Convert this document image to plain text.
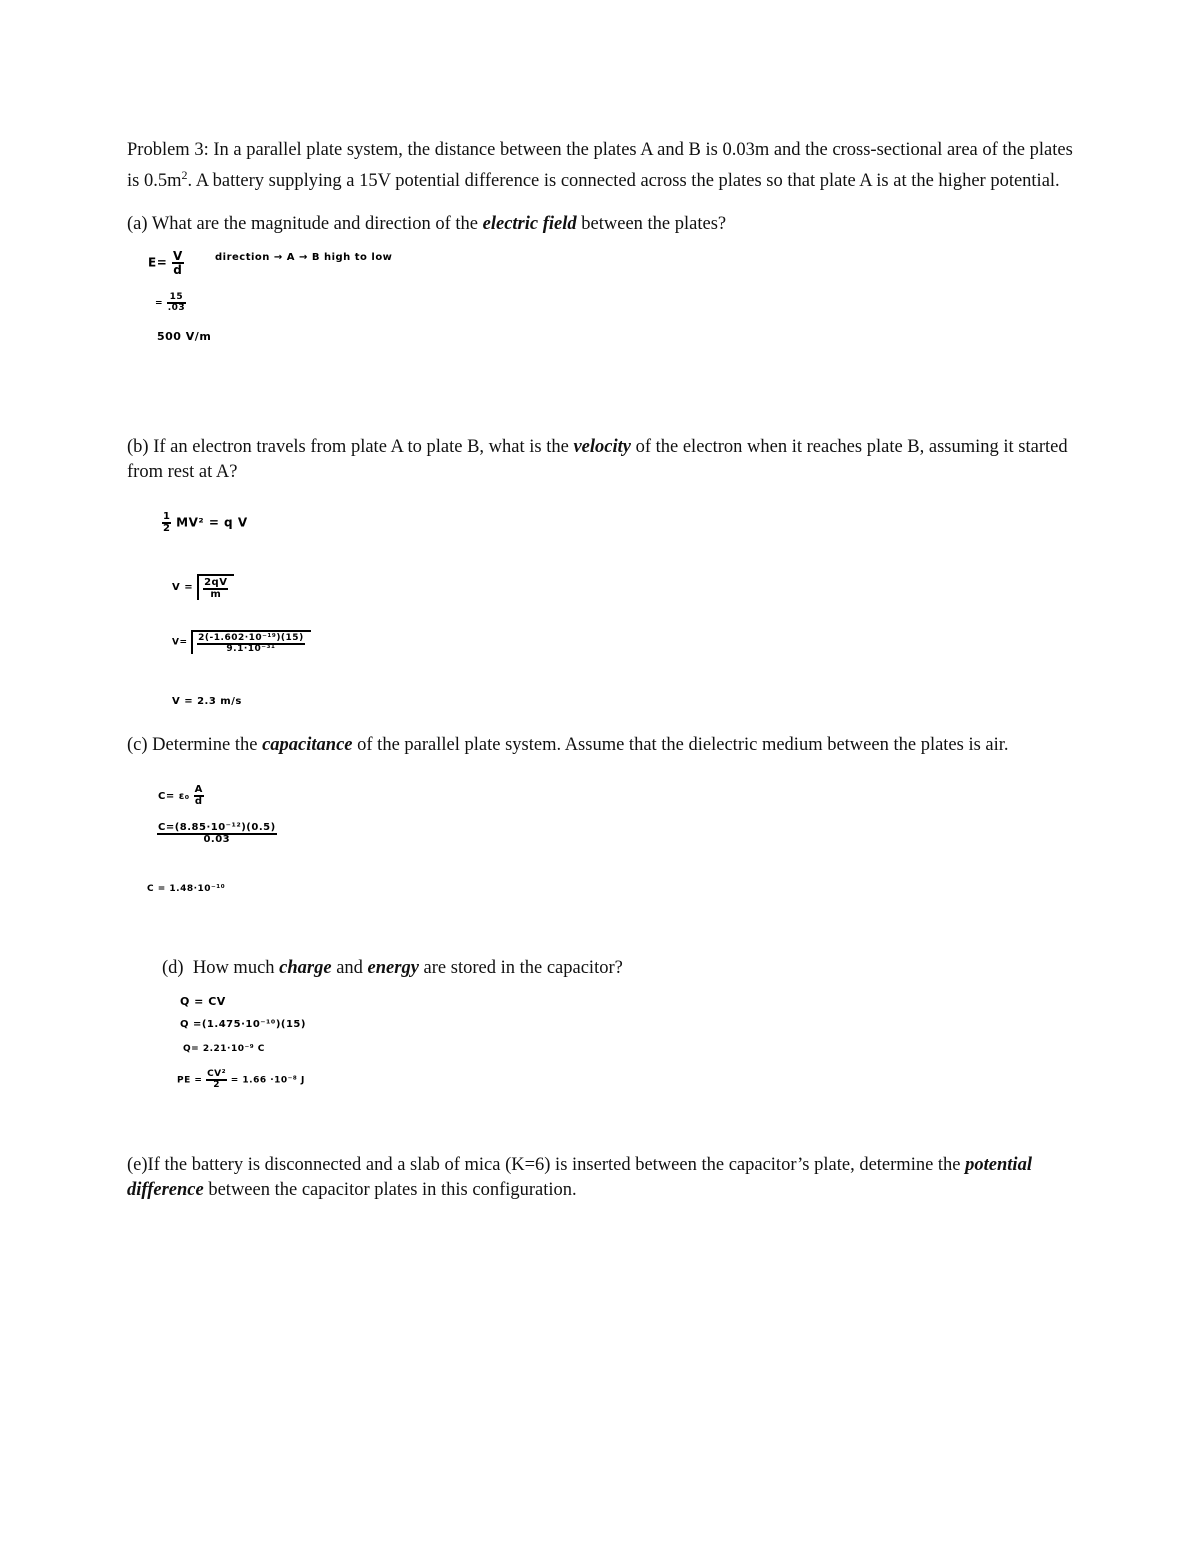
Problem 3: In a parallel plate system, the distance between the plates A and B is 0.03m and the cross-sectional area of the plates is $0.5m^2$. A battery supplying a 15V potential difference is connected across the plates so that plate A is at the higher potential.

(a) What are the magnitude and direction of the electric field between the plates?

$E= \frac{V}{d}$	direction → A → B high to low
= $\frac{15}{.03}$
500 V/m

(b) If an electron travels from plate A to plate B, what is the velocity of the electron when it reaches plate B, assuming it started from rest at A?

$\frac{1}{2} MV^2 = q$ V
$V = \frac{2qV}{m}$
$V= \frac{\text{2(-1.602·10⁻¹⁹)(15)}}{\text{9.1·10⁻³¹}}$
V = 2.3 m/s

(c) Determine the capacitance of the parallel plate system. Assume that the dielectric medium between the plates is air.

$C= \varepsilon_0 \frac{A}{d}$
$\frac{\text{C=(8.85·10⁻¹²)(0.5)}}{0.03}$
C = 1.48·10⁻¹⁰

(d) How much charge and energy are stored in the capacitor?

Q = CV
Q =(1.475·10⁻¹⁰)(15)
Q= 2.21·10⁻⁹ C
PE = $\frac{\text{CV²}}{2} = 1.66 \cdot 10^{-8}$ J

(e)If the battery is disconnected and a slab of mica (K=6) is inserted between the capacitor’s plate, determine the potential difference between the capacitor plates in this configuration.
